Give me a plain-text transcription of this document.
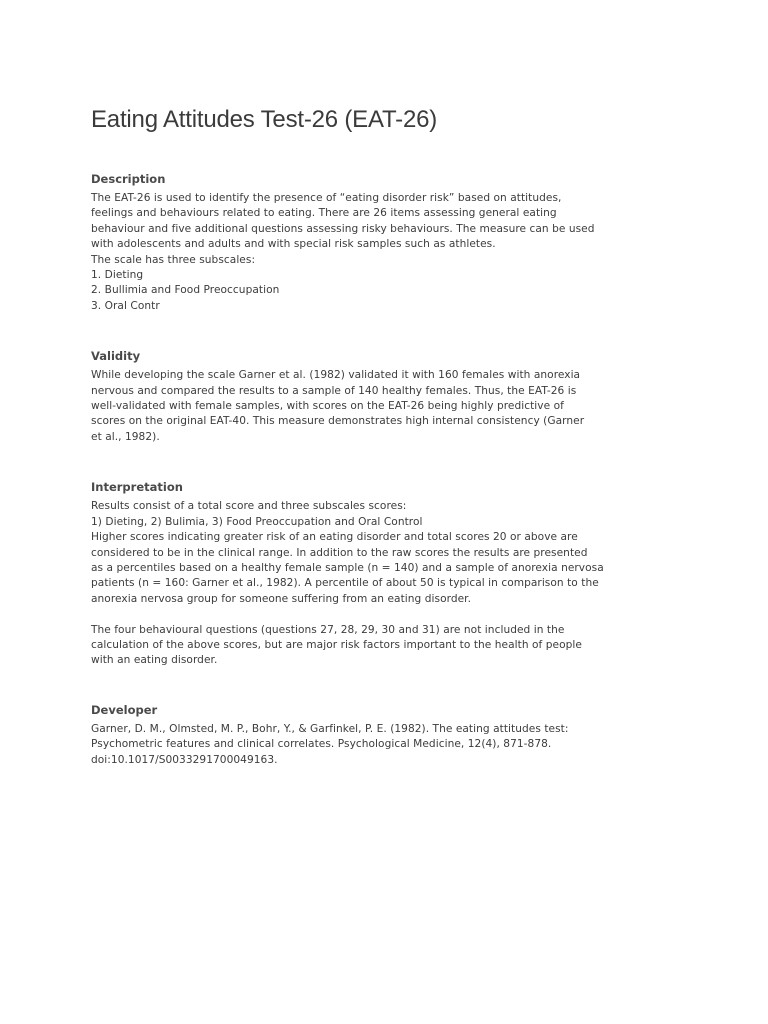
Eating Attitudes Test-26 (EAT-26)
Description

The EAT-26 is used to identify the presence of “eating disorder risk” based on attitudes,

feelings and behaviours related to eating. There are 26 items assessing general eating

behaviour and five additional questions assessing risky behaviours. The measure can be used

with adolescents and adults and with special risk samples such as athletes.

The scale has three subscales:

1. Dieting

2. Bullimia and Food Preoccupation

3. Oral Contr

Validity

While developing the scale Garner et al. (1982) validated it with 160 females with anorexia

nervous and compared the results to a sample of 140 healthy females. Thus, the EAT-26 is

well-validated with female samples, with scores on the EAT-26 being highly predictive of

scores on the original EAT-40. This measure demonstrates high internal consistency (Garner

et al., 1982).

Interpretation

Results consist of a total score and three subscales scores:

1) Dieting, 2) Bulimia, 3) Food Preoccupation and Oral Control

Higher scores indicating greater risk of an eating disorder and total scores 20 or above are

considered to be in the clinical range. In addition to the raw scores the results are presented

as a percentiles based on a healthy female sample (n = 140) and a sample of anorexia nervosa

patients (n = 160: Garner et al., 1982). A percentile of about 50 is typical in comparison to the

anorexia nervosa group for someone suffering from an eating disorder.

The four behavioural questions (questions 27, 28, 29, 30 and 31) are not included in the

calculation of the above scores, but are major risk factors important to the health of people

with an eating disorder.

Developer

Garner, D. M., Olmsted, M. P., Bohr, Y., & Garfinkel, P. E. (1982). The eating attitudes test:

Psychometric features and clinical correlates. Psychological Medicine, 12(4), 871-878.

doi:10.1017/S0033291700049163.
